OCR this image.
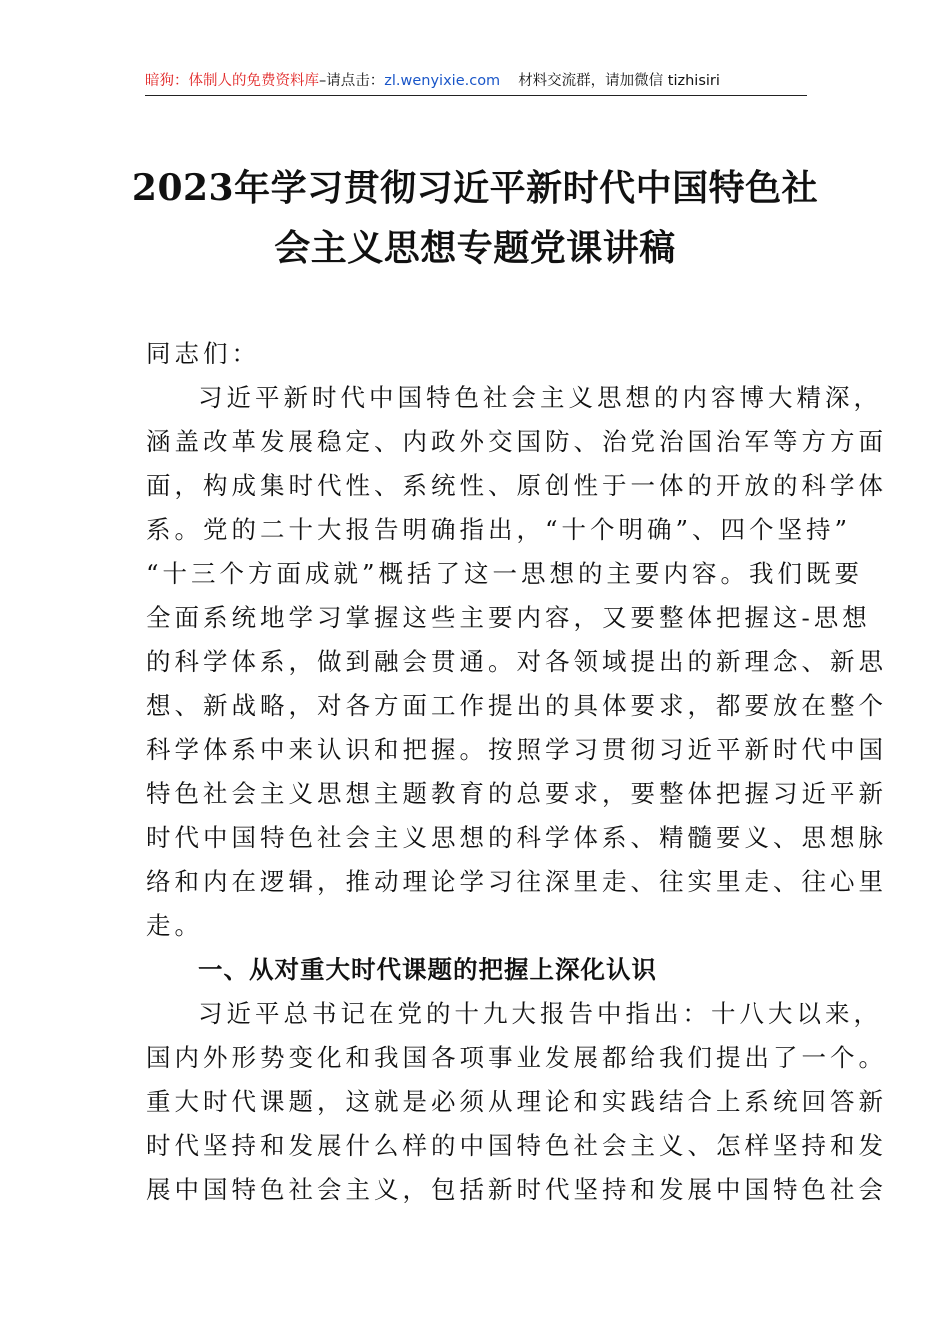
暗狗：体制人的免费资料库–请点击：zl.wenyixie.com 材料交流群，请加微信 tizhisiri
2023年学习贯彻习近平新时代中国特色社
会主义思想专题党课讲稿
同志们：
习近平新时代中国特色社会主义思想的内容博大精深，
涵盖改革发展稳定、内政外交国防、治党治国治军等方方面
面，构成集时代性、系统性、原创性于一体的开放的科学体
系。党的二十大报告明确指出，“十个明确”、四个坚持”
“十三个方面成就”概括了这一思想的主要内容。我们既要
全面系统地学习掌握这些主要内容，又要整体把握这-思想
的科学体系，做到融会贯通。对各领域提出的新理念、新思
想、新战略，对各方面工作提出的具体要求，都要放在整个
科学体系中来认识和把握。按照学习贯彻习近平新时代中国
特色社会主义思想主题教育的总要求，要整体把握习近平新
时代中国特色社会主义思想的科学体系、精髓要义、思想脉
络和内在逻辑，推动理论学习往深里走、往实里走、往心里
走。
一、从对重大时代课题的把握上深化认识
习近平总书记在党的十九大报告中指出：十八大以来，
国内外形势变化和我国各项事业发展都给我们提出了一个。
重大时代课题，这就是必须从理论和实践结合上系统回答新
时代坚持和发展什么样的中国特色社会主义、怎样坚持和发
展中国特色社会主义，包括新时代坚持和发展中国特色社会
